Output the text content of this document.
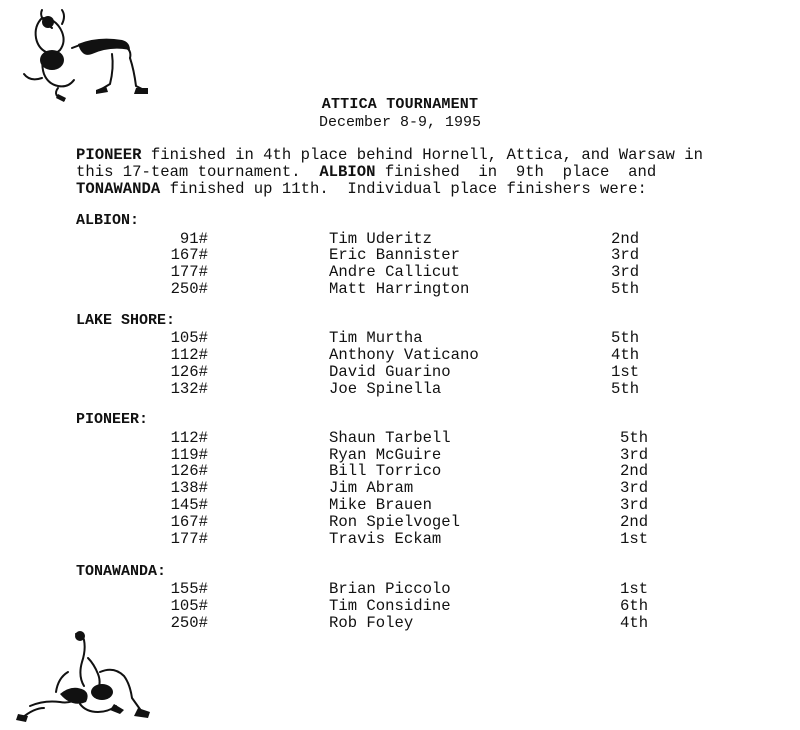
ATTICA TOURNAMENT
December 8-9, 1995
PIONEER finished in 4th place behind Hornell, Attica, and Warsaw in
this 17-team tournament.  ALBION finished  in  9th  place  and
TONAWANDA finished up 11th.  Individual place finishers were:
ALBION:
91#	Tim Uderitz	2nd
167#	Eric Bannister	3rd
177#	Andre Callicut	3rd
250#	Matt Harrington	5th
LAKE SHORE:
105#	Tim Murtha	5th
112#	Anthony Vaticano	4th
126#	David Guarino	1st
132#	Joe Spinella	5th
PIONEER:
112#	Shaun Tarbell	5th
119#	Ryan McGuire	3rd
126#	Bill Torrico	2nd
138#	Jim Abram	3rd
145#	Mike Brauen	3rd
167#	Ron Spielvogel	2nd
177#	Travis Eckam	1st
TONAWANDA:
155#	Brian Piccolo	1st
105#	Tim Considine	6th
250#	Rob Foley	4th
